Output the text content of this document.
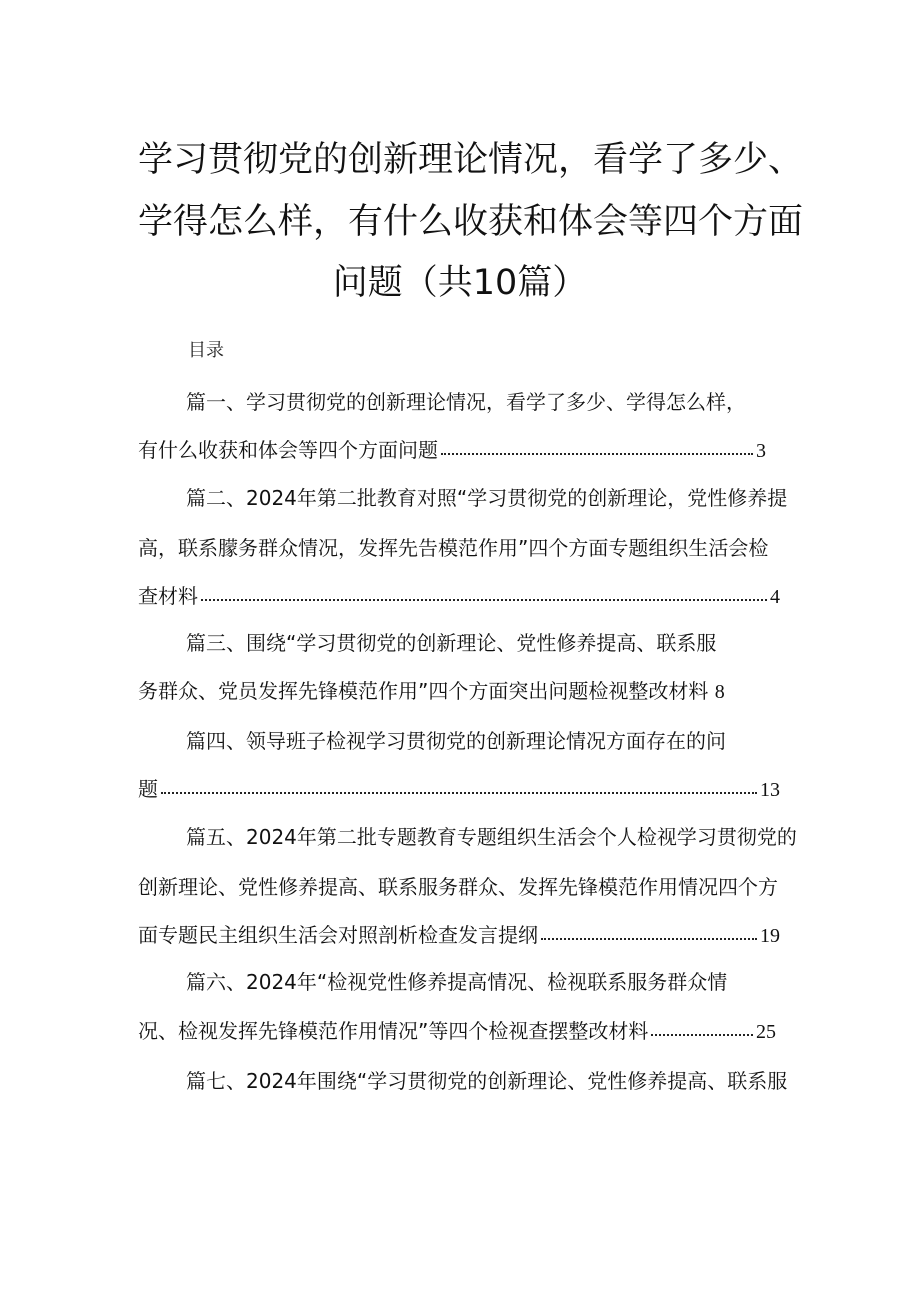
学习贯彻党的创新理论情况，看学了多少、
学得怎么样，有什么收获和体会等四个方面
问题（共10篇）
目录
篇一、学习贯彻党的创新理论情况，看学了多少、学得怎么样，
有什么收获和体会等四个方面问题	3
篇二、2024年第二批教育对照“学习贯彻党的创新理论，党性修养提
高，联系朦务群众情况，发挥先告模范作用”四个方面专题组织生活会检
查材料	4
篇三、围绕“学习贯彻党的创新理论、党性修养提高、联系服
务群众、党员发挥先锋模范作用”四个方面突出问题检视整改材料 8
篇四、领导班子检视学习贯彻党的创新理论情况方面存在的问
题	13
篇五、2024年第二批专题教育专题组织生活会个人检视学习贯彻党的
创新理论、党性修养提高、联系服务群众、发挥先锋模范作用情况四个方
面专题民主组织生活会对照剖析检查发言提纲	19
篇六、2024年“检视党性修养提高情况、检视联系服务群众情
况、检视发挥先锋模范作用情况”等四个检视查摆整改材料	25
篇七、2024年围绕“学习贯彻党的创新理论、党性修养提高、联系服
